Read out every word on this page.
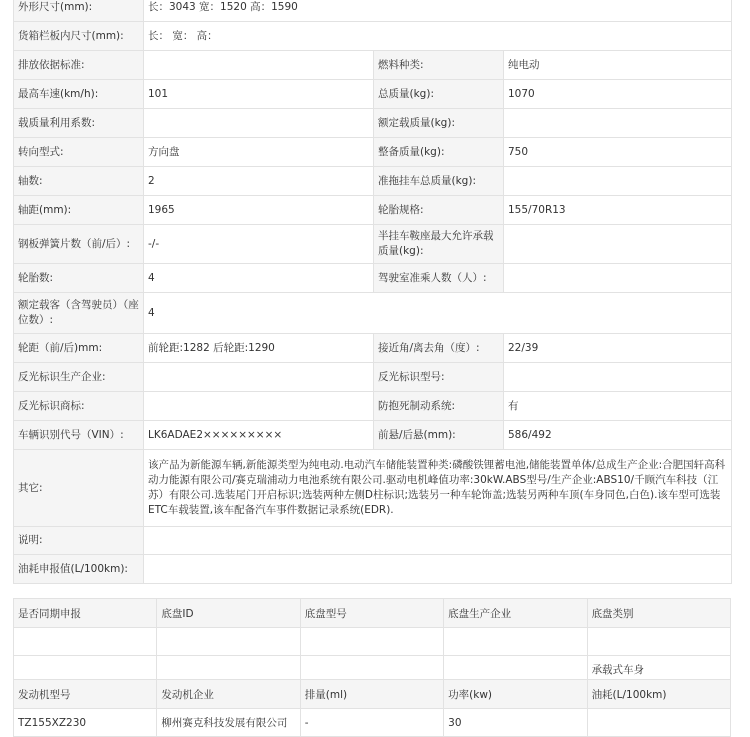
外形尺寸(mm):	长：3043 宽：1520 高：1590		
货箱栏板内尺寸(mm):	长： 宽： 高：		
排放依据标准:		燃料种类:	纯电动
最高车速(km/h):	101	总质量(kg):	1070
载质量利用系数:		额定载质量(kg):	
转向型式:	方向盘	整备质量(kg):	750
轴数:	2	准拖挂车总质量(kg):	
轴距(mm):	1965	轮胎规格:	155/70R13
钢板弹簧片数（前/后）:	-/-	半挂车鞍座最大允许承载质量(kg):	
轮胎数:	4	驾驶室准乘人数（人）:	
额定载客（含驾驶员）（座位数）:	4		
轮距（前/后)mm:	前轮距:1282 后轮距:1290	接近角/离去角（度）:	22/39
反光标识生产企业:		反光标识型号:	
反光标识商标:		防抱死制动系统:	有
车辆识别代号（VIN）:	LK6ADAE2×××××××××	前悬/后悬(mm):	586/492
其它:	该产品为新能源车辆,新能源类型为纯电动.电动汽车储能装置种类:磷酸铁锂蓄电池,储能装置单体/总成生产企业:合肥国轩高科动力能源有限公司/赛克瑞浦动力电池系统有限公司.驱动电机峰值功率:30kW.ABS型号/生产企业:ABS10/千顾汽车科技（江苏）有限公司.选装尾门开启标识;选装两种左侧D柱标识;选装另一种车轮饰盖;选装另两种车顶(车身同色,白色).该车型可选装ETC车载装置,该车配备汽车事件数据记录系统(EDR).		
说明:			
油耗申报值(L/100km):			
是否同期申报	底盘ID	底盘型号	底盘生产企业	底盘类别

				承载式车身
发动机型号	发动机企业	排量(ml)	功率(kw)	油耗(L/100km)
TZ155XZ230	柳州赛克科技发展有限公司	-	30	
